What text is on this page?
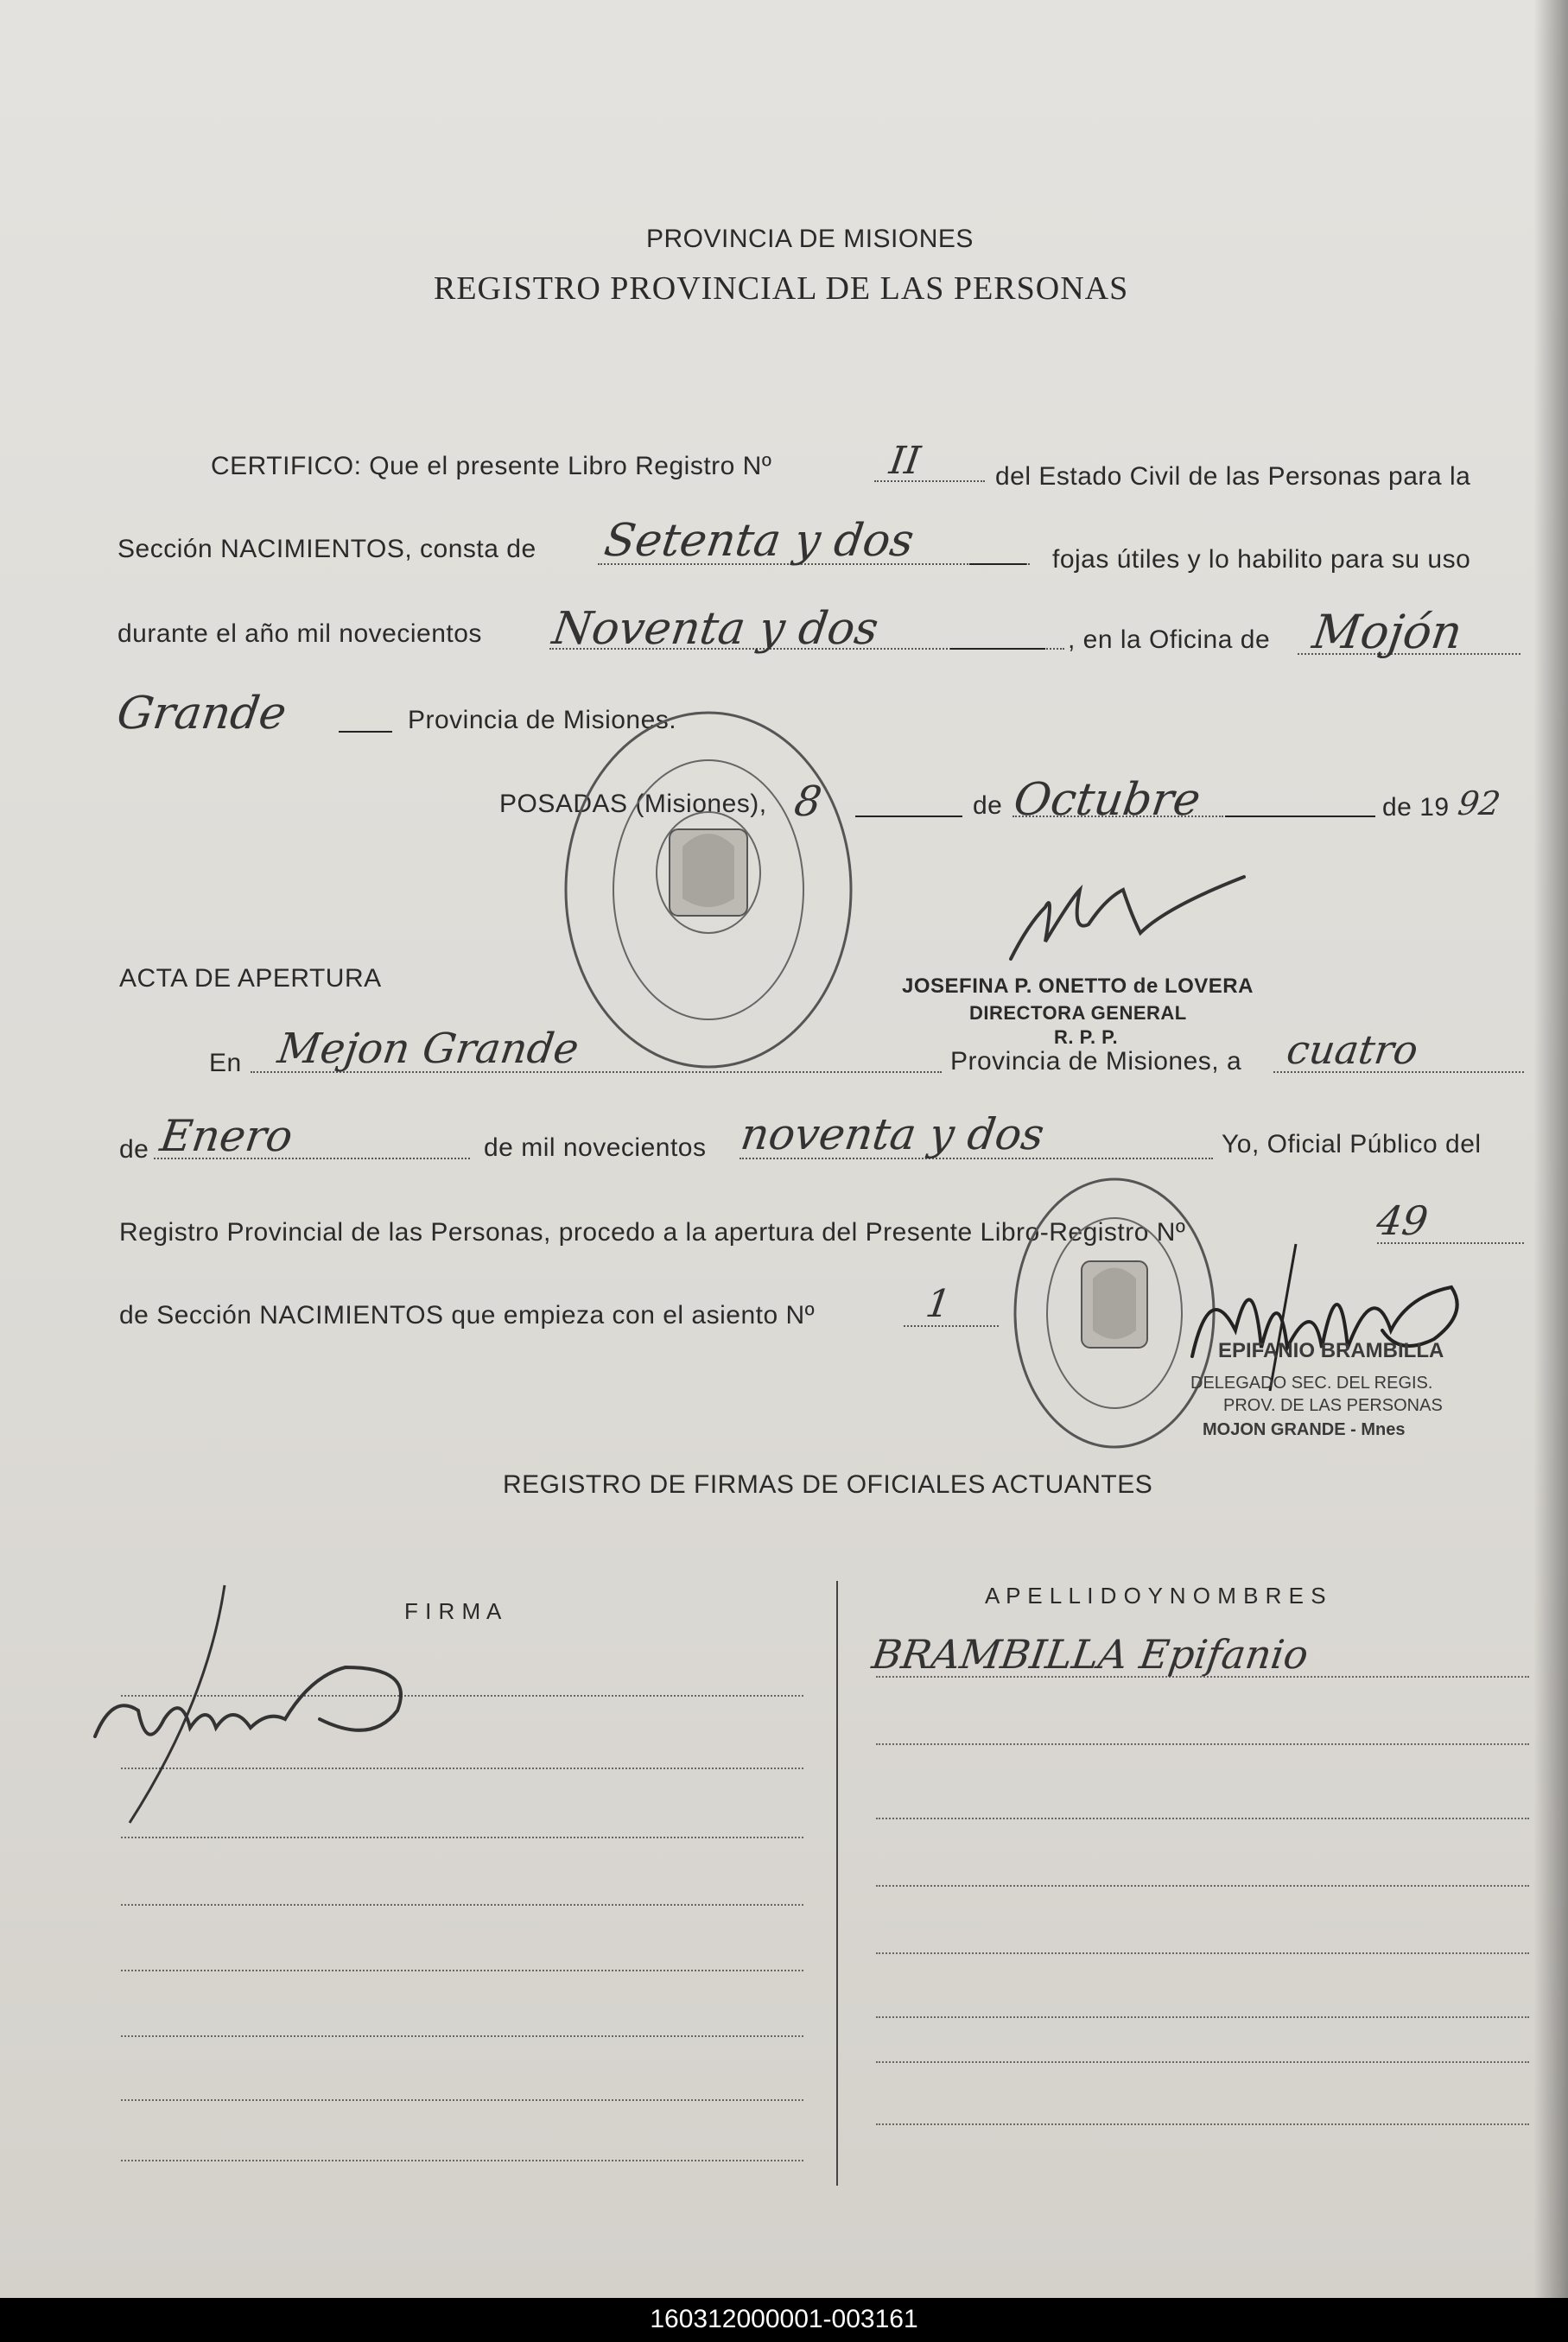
PROVINCIA DE MISIONES
REGISTRO PROVINCIAL DE LAS PERSONAS
CERTIFICO: Que el presente Libro Registro Nº	II	del Estado Civil de las Personas para la
Sección NACIMIENTOS, consta de Setenta y dos	fojas útiles y lo habilito para su uso
durante el año mil novecientos Noventa y dos	, en la Oficina de Mojón
Grande	Provincia de Misiones.
POSADAS (Misiones), 8	de Octubre	de 19 92
JOSEFINA P. ONETTO de LOVERA
DIRECTORA GENERAL
R. P. P.
ACTA DE APERTURA
En Mejon Grande	Provincia de Misiones, a cuatro
de Enero	de mil novecientos noventa y dos	Yo, Oficial Público del
Registro Provincial de las Personas, procedo a la apertura del Presente Libro-Registro Nº	49
de Sección NACIMIENTOS que empieza con el asiento Nº	1
EPIFANIO BRAMBILLA
DELEGADO SEC. DEL REGIS.
PROV. DE LAS PERSONAS
MOJON GRANDE - Mnes
REGISTRO DE FIRMAS DE OFICIALES ACTUANTES
F I R M A
A P E L L I D O Y N O M B R E S
BRAMBILLA Epifanio
160312000001-003161
